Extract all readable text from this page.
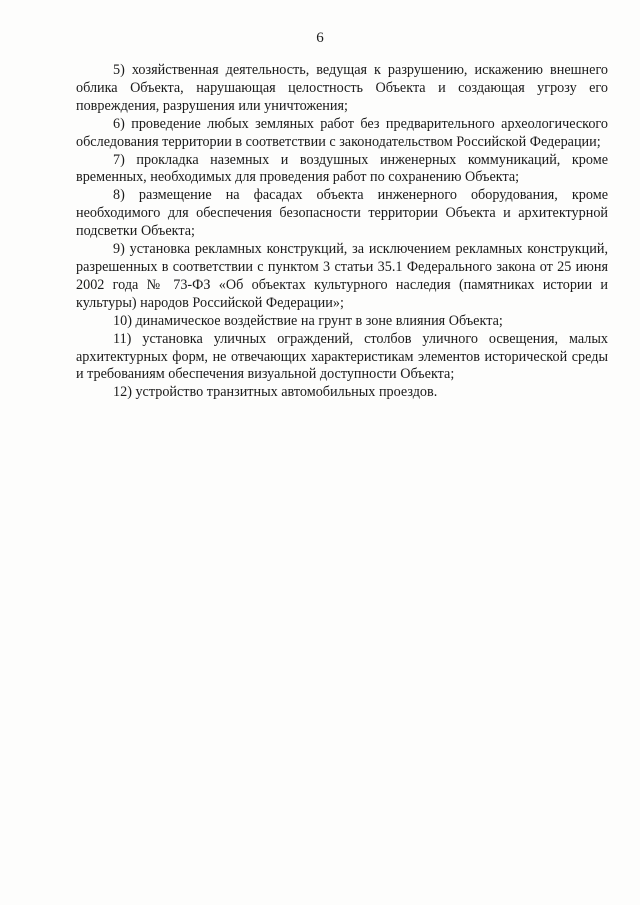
6

5) хозяйственная деятельность, ведущая к разрушению, искажению внешнего облика Объекта, нарушающая целостность Объекта и создающая угрозу его повреждения, разрушения или уничтожения;

6) проведение любых земляных работ без предварительного археологического обследования территории в соответствии с законодательством Российской Федерации;

7) прокладка наземных и воздушных инженерных коммуникаций, кроме временных, необходимых для проведения работ по сохранению Объекта;

8) размещение на фасадах объекта инженерного оборудования, кроме необходимого для обеспечения безопасности территории Объекта и архитектурной подсветки Объекта;

9) установка рекламных конструкций, за исключением рекламных конструкций, разрешенных в соответствии с пунктом 3 статьи 35.1 Федерального закона от 25 июня 2002 года № 73-ФЗ «Об объектах культурного наследия (памятниках истории и культуры) народов Российской Федерации»;

10) динамическое воздействие на грунт в зоне влияния Объекта;

11) установка уличных ограждений, столбов уличного освещения, малых архитектурных форм, не отвечающих характеристикам элементов исторической среды и требованиям обеспечения визуальной доступности Объекта;

12) устройство транзитных автомобильных проездов.
